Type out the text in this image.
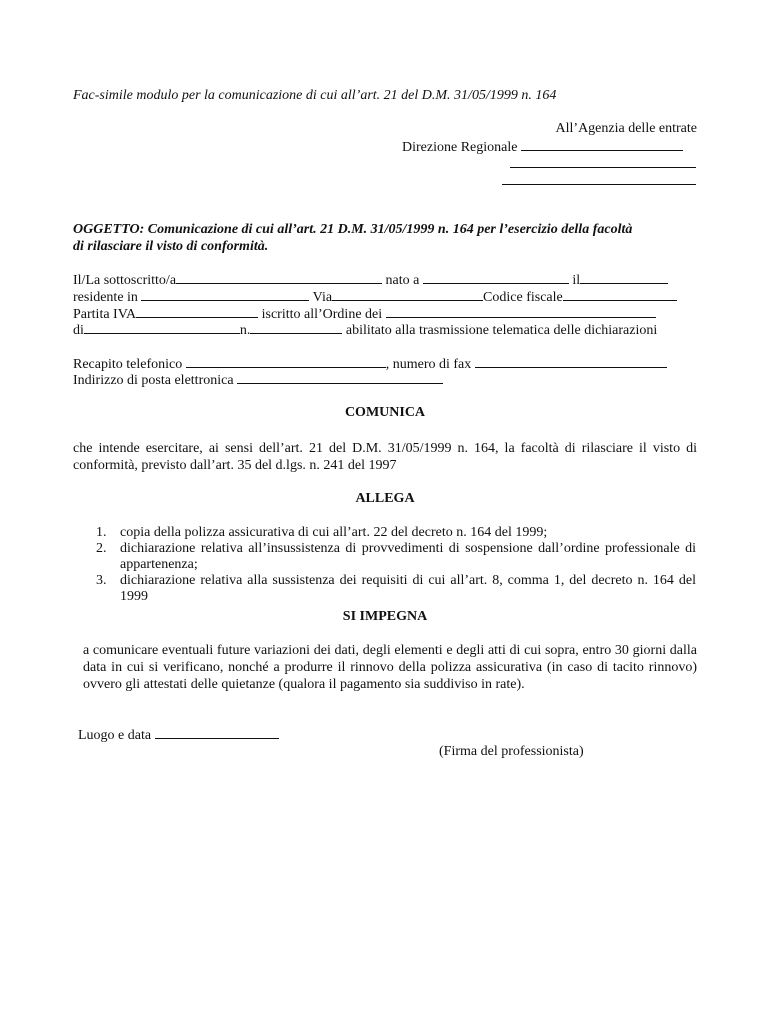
Fac-simile modulo per la comunicazione di cui all’art. 21 del D.M. 31/05/1999 n. 164
All’Agenzia delle entrate
Direzione Regionale
OGGETTO: Comunicazione di cui all’art. 21 D.M. 31/05/1999 n. 164 per l’esercizio della facoltà
di rilasciare il visto di conformità.
Il/La sottoscritto/a	nato a	il
residente in	Via	Codice fiscale
Partita IVA	iscritto all’Ordine dei
di	n.	abilitato alla trasmissione telematica delle dichiarazioni
Recapito telefonico	, numero di fax
Indirizzo di posta elettronica
COMUNICA
che intende esercitare, ai sensi dell’art. 21 del D.M. 31/05/1999 n. 164, la facoltà di rilasciare il visto di conformità, previsto dall’art. 35 del d.lgs. n. 241 del 1997
ALLEGA
1. copia della polizza assicurativa di cui all’art. 22 del decreto n. 164 del 1999;
2. dichiarazione relativa all’insussistenza di provvedimenti di sospensione dall’ordine professionale di appartenenza;
3. dichiarazione relativa alla sussistenza dei requisiti di cui all’art. 8, comma 1, del decreto n. 164 del 1999
SI IMPEGNA
a comunicare eventuali future variazioni dei dati, degli elementi e degli atti di cui sopra, entro 30 giorni dalla data in cui si verificano, nonché a produrre il rinnovo della polizza assicurativa (in caso di tacito rinnovo) ovvero gli attestati delle quietanze (qualora il pagamento sia suddiviso in rate).
Luogo e data
(Firma del professionista)
